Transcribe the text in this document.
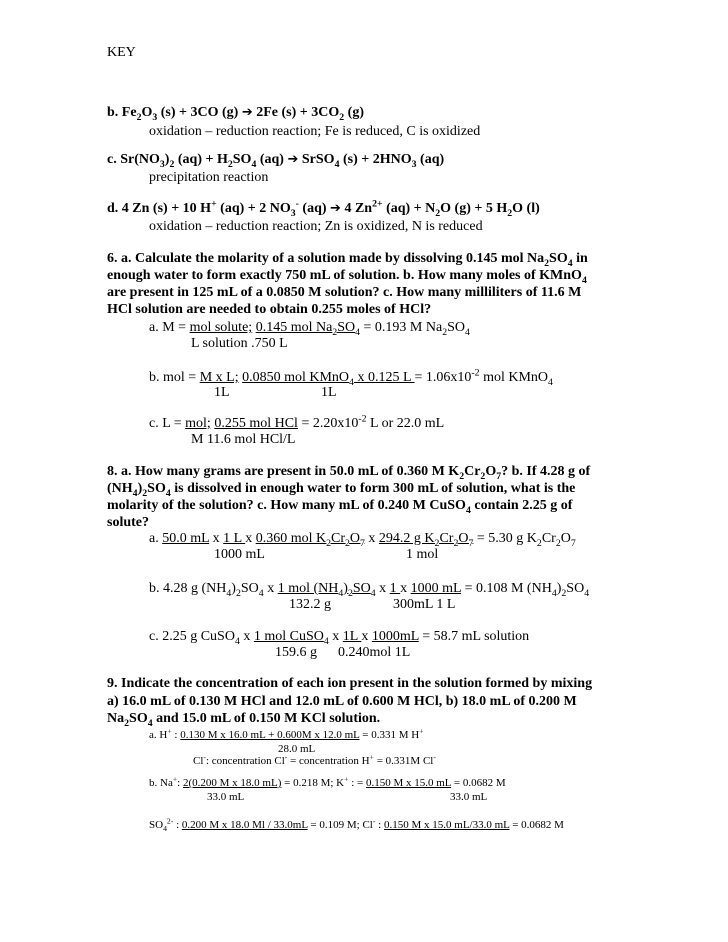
KEY
b. $Fe_2O_3$ (s) + 3CO (g) ➔ 2Fe $(s) + 3CO_2$ (g)
oxidation – reduction reaction; Fe is reduced, C is oxidized
c. $Sr(NO_3)_2$ $(aq) + H_2SO_4$ (aq) ➔ SrSO$_4$ $(s) + 2HNO_3$ (aq)
precipitation reaction
d. 4 Zn (s) + 10 H+ (aq) + 2 $NO_3^-$ (aq) ➔ 4 $Zn^{2+}$ $(aq) + N_2O$ (g) + 5 $H_2O$ (l)
oxidation – reduction reaction; Zn is oxidized, N is reduced
6. a. Calculate the molarity of a solution made by dissolving 0.145 mol $Na_2SO_4$ in
enough water to form exactly 750 mL of solution. b. How many moles of KMnO$_4$
are present in 125 mL of a 0.0850 M solution? c. How many milliliters of 11.6 M
HCl solution are needed to obtain 0.255 moles of HCl?
a. M = mol solute; 0.145 mol $Na_2SO_4 = 0.193$ M $Na_2SO_4$
L solution .750 L
b. mol = M x L; 0.0850 mol KMnO$_4$ x 0.125 $L = 1.06x10^{-2}$ mol KMnO$_4$
1L	1L
c. L = mol; 0.255 mol HCl = $2.20x10^{-2}$ L or 22.0 mL
M 11.6 mol HCl/L
8. a. How many grams are present in 50.0 mL of 0.360 M $K_2Cr_2O_7$? b. If 4.28 g of
$(NH_4)_2SO_4$ is dissolved in enough water to form 300 mL of solution, what is the
molarity of the solution? c. How many mL of 0.240 M CuSO$_4$ contain 2.25 g of
solute?
a. 50.0 mL x 1 L x 0.360 mol $K_2Cr_2O_7$ x 294.2 g $K_2Cr_2O_7 = 5.30$ g $K_2Cr_2O_7$
1000 mL	1 mol
b. 4.28 g $(NH_4)_2SO_4$ x 1 mol $(NH_4)_2SO_4$ x 1 x 1000 mL = 0.108 M $(NH_4)_2SO_4$
132.2 g	300mL 1 L
c. 2.25 g CuSO$_4$ x 1 mol CuSO$_4$ x 1L x 1000mL = 58.7 mL solution
159.6 g 0.240mol 1L
9. Indicate the concentration of each ion present in the solution formed by mixing
a) 16.0 mL of 0.130 M HCl and 12.0 mL of 0.600 M HCl, b) 18.0 mL of 0.200 M
$Na_2SO_4$ and 15.0 mL of 0.150 M KCl solution.
a. H+ : 0.130 M x 16.0 mL + 0.600M x 12.0 mL = 0.331 M H+
28.0 mL
Cl-: concentration Cl- = concentration H+ = 0.331M Cl-
b. Na+: 2(0.200 M x 18.0 mL) = 0.218 M; K+ : = 0.150 M x 15.0 mL = 0.0682 M
33.0 mL	33.0 mL
$SO_4^{2-}$ : 0.200 M x 18.0 Ml / 33.0mL = 0.109 M; Cl- : 0.150 M x 15.0 mL/33.0 mL = 0.0682 M
